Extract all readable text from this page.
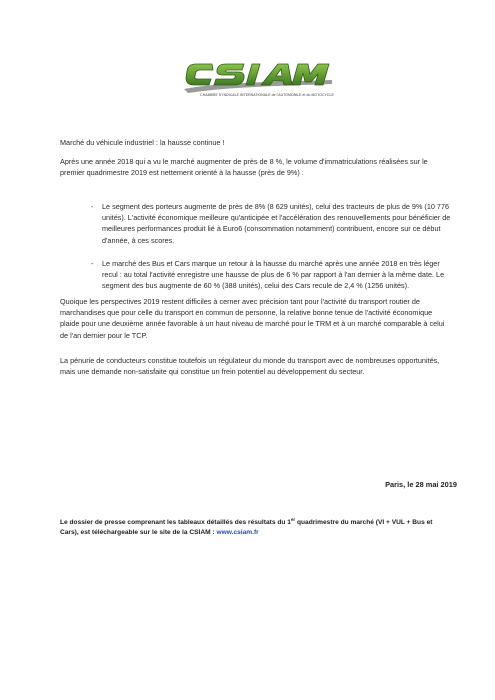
CHAMBRE SYNDICALE INTERNATIONALE de l'AUTOMOBILE et du MOTOCYCLE
Marché du véhicule industriel : la hausse continue !
Après une année 2018 qui a vu le marché augmenter de près de 8 %, le volume d'immatriculations réalisées sur le premier quadrimestre 2019 est nettement orienté à la hausse (près de 9%) :
- Le segment des porteurs augmente de près de 8% (8 629 unités), celui des tracteurs de plus de 9% (10 776 unités). L'activité économique meilleure qu'anticipée et l'accélération des renouvellements pour bénéficier de meilleures performances produit lié à Euro6 (consommation notamment) contribuent, encore sur ce début d'année, à ces scores.
- Le marché des Bus et Cars marque un retour à la hausse du marché après une année 2018 en très léger recul : au total l'activité enregistre une hausse de plus de 6 % par rapport à l'an dernier à la même date. Le segment des bus augmente de 60 % (388 unités), celui des Cars recule de 2,4 % (1256 unités).
Quoique les perspectives 2019 restent difficiles à cerner avec précision tant pour l'activité du transport routier de marchandises que pour celle du transport en commun de personne, la relative bonne tenue de l'activité économique plaide pour une deuxième année favorable à un haut niveau de marché pour le TRM et à un marché comparable à celui de l'an dernier pour le TCP.
La pénurie de conducteurs constitue toutefois un régulateur du monde du transport avec de nombreuses opportunités, mais une demande non-satisfaite qui constitue un frein potentiel au développement du secteur.
Paris, le 28 mai 2019
Le dossier de presse comprenant les tableaux détaillés des résultats du 1er quadrimestre du marché (VI + VUL + Bus et Cars), est téléchargeable sur le site de la CSIAM : www.csiam.fr
